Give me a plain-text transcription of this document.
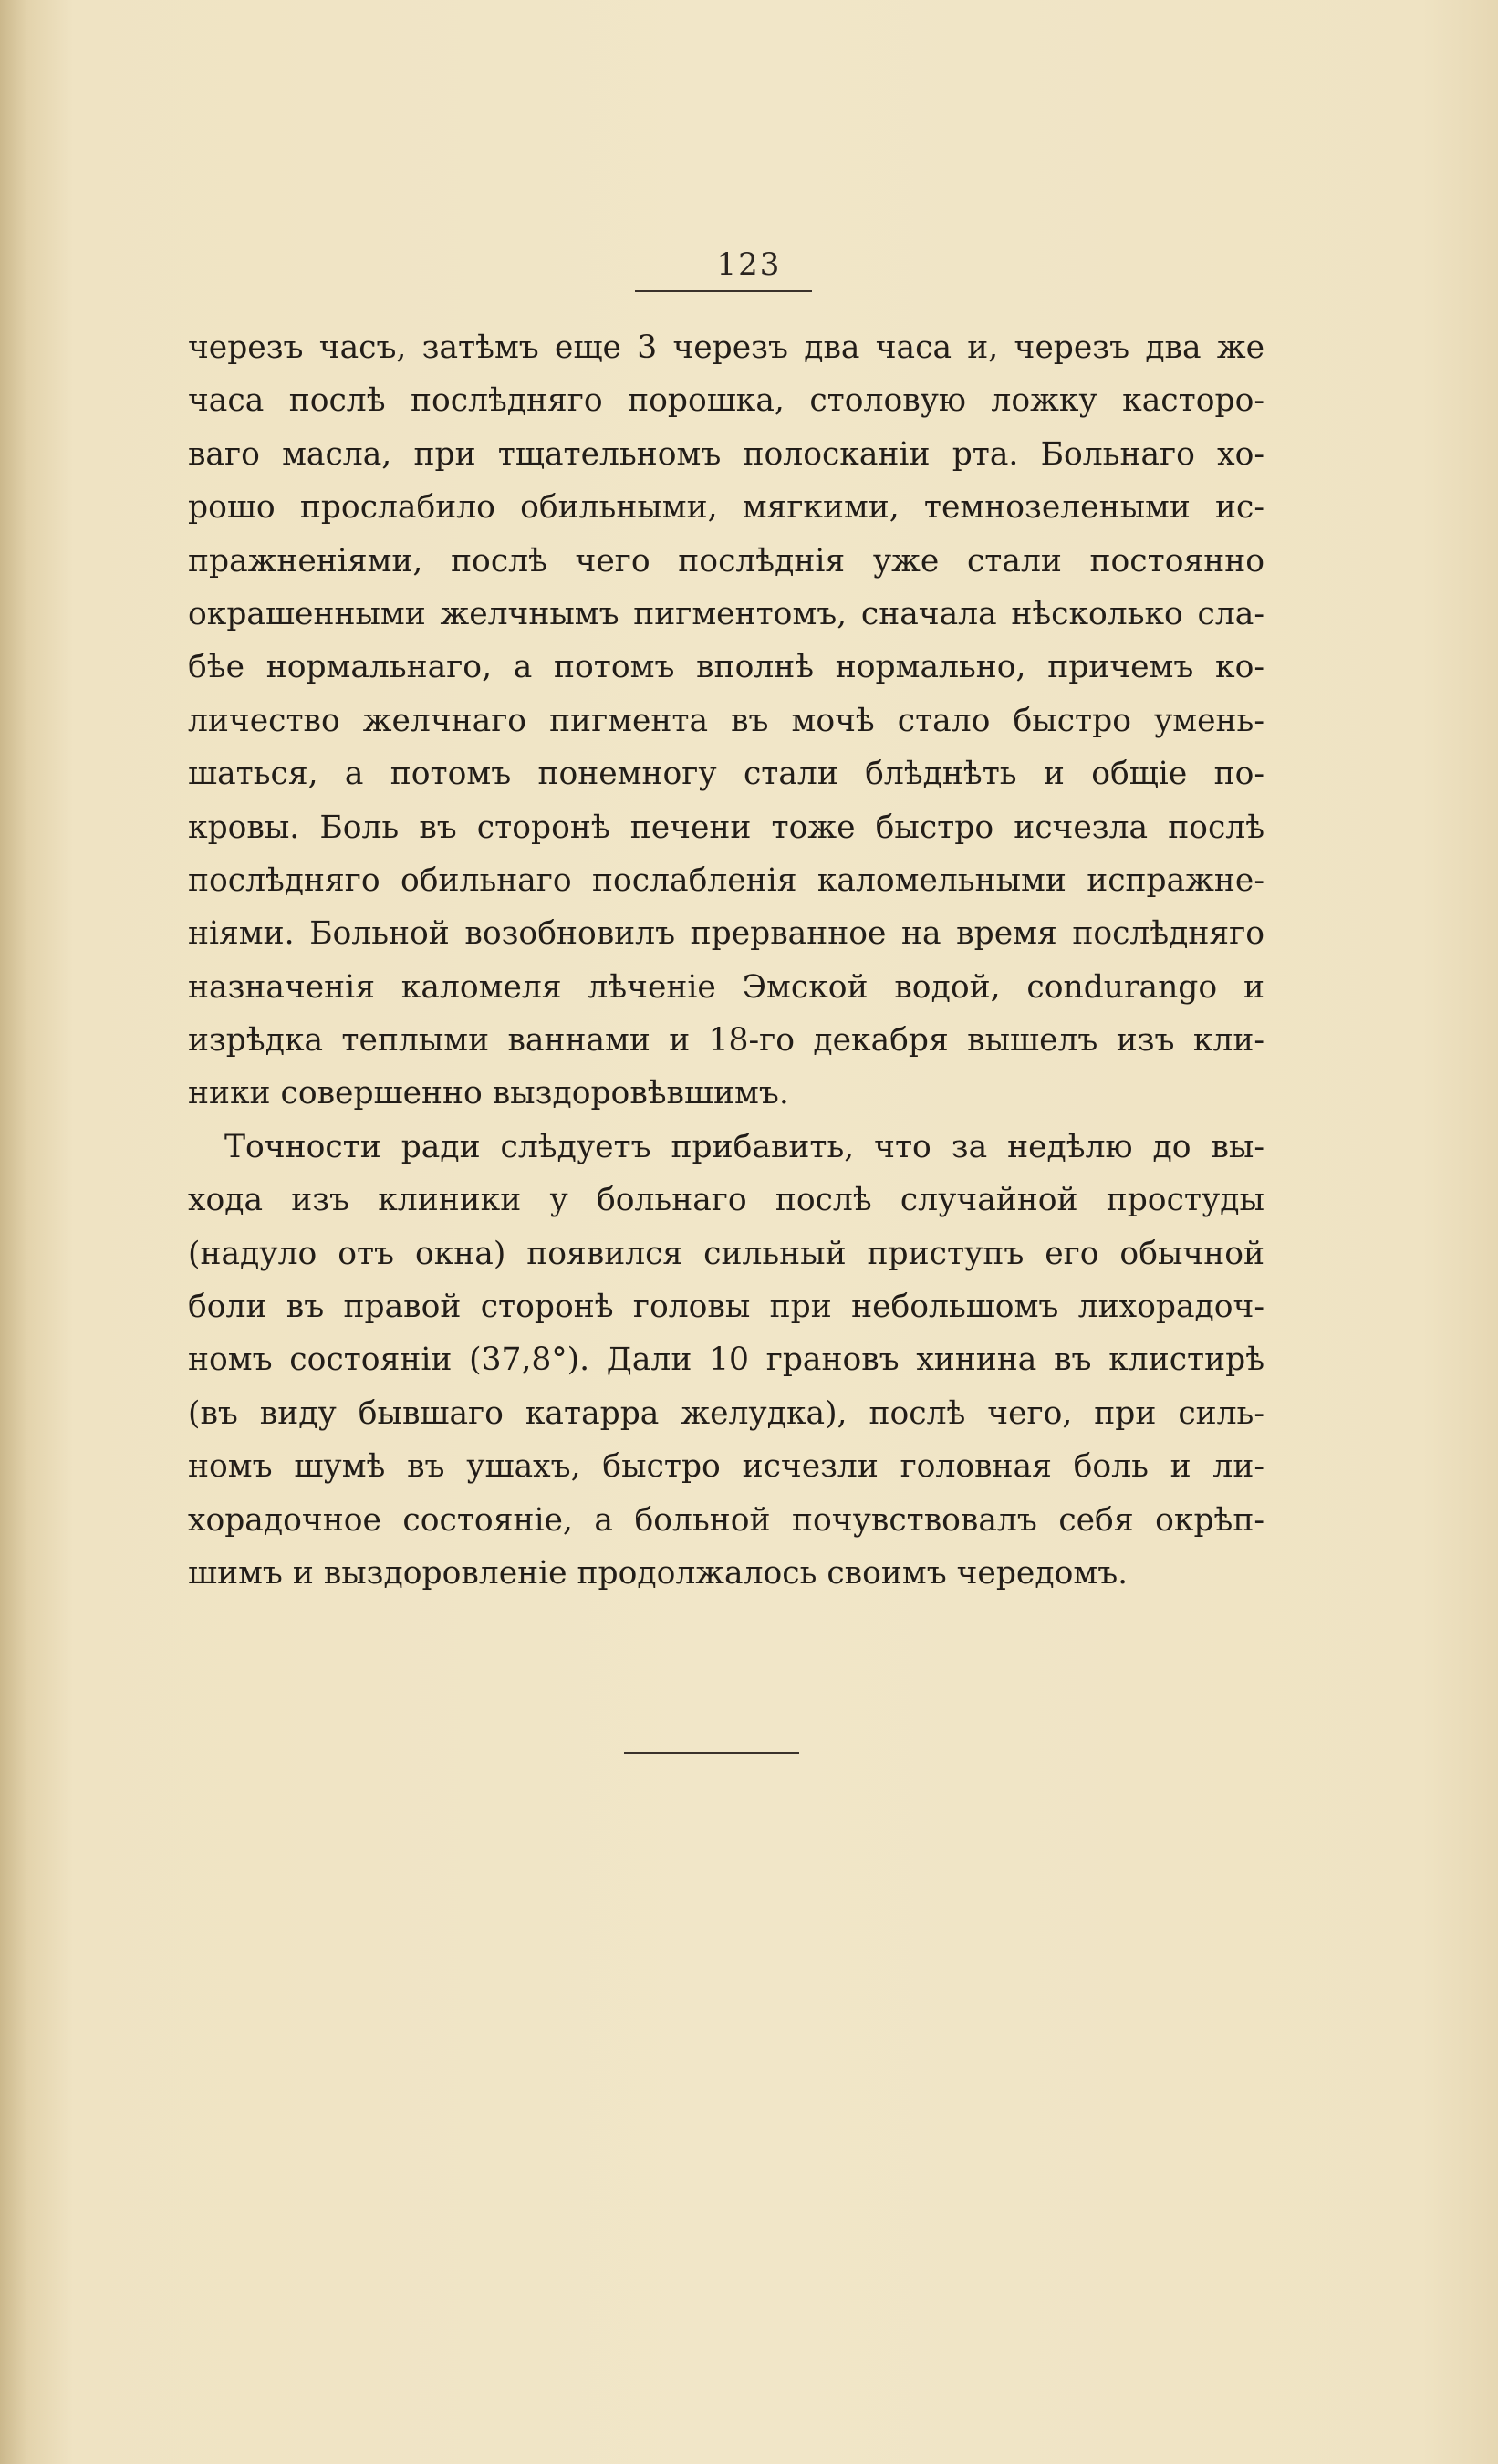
123
черезъ часъ, затѣмъ еще 3 черезъ два часа и, черезъ два же
часа послѣ послѣдняго порошка, столовую ложку касторо-
ваго масла, при тщательномъ полосканіи рта. Больнаго хо-
рошо прослабило обильными, мягкими, темнозелеными ис-
пражненіями, послѣ чего послѣднія уже стали постоянно
окрашенными желчнымъ пигментомъ, сначала нѣсколько сла-
бѣе нормальнаго, а потомъ вполнѣ нормально, причемъ ко-
личество желчнаго пигмента въ мочѣ стало быстро умень-
шаться, а потомъ понемногу стали блѣднѣть и общіе по-
кровы. Боль въ сторонѣ печени тоже быстро исчезла послѣ
послѣдняго обильнаго послабленія каломельными испражне-
ніями. Больной возобновилъ прерванное на время послѣдняго
назначенія каломеля лѣченіе Эмской водой, condurango и
изрѣдка теплыми ваннами и 18-го декабря вышелъ изъ кли-
ники совершенно выздоровѣвшимъ.
Точности ради слѣдуетъ прибавить, что за недѣлю до вы-
хода изъ клиники у больнаго послѣ случайной простуды
(надуло отъ окна) появился сильный приступъ его обычной
боли въ правой сторонѣ головы при небольшомъ лихорадоч-
номъ состояніи (37,8°). Дали 10 грановъ хинина въ клистирѣ
(въ виду бывшаго катарра желудка), послѣ чего, при силь-
номъ шумѣ въ ушахъ, быстро исчезли головная боль и ли-
хорадочное состояніе, а больной почувствовалъ себя окрѣп-
шимъ и выздоровленіе продолжалось своимъ чередомъ.
